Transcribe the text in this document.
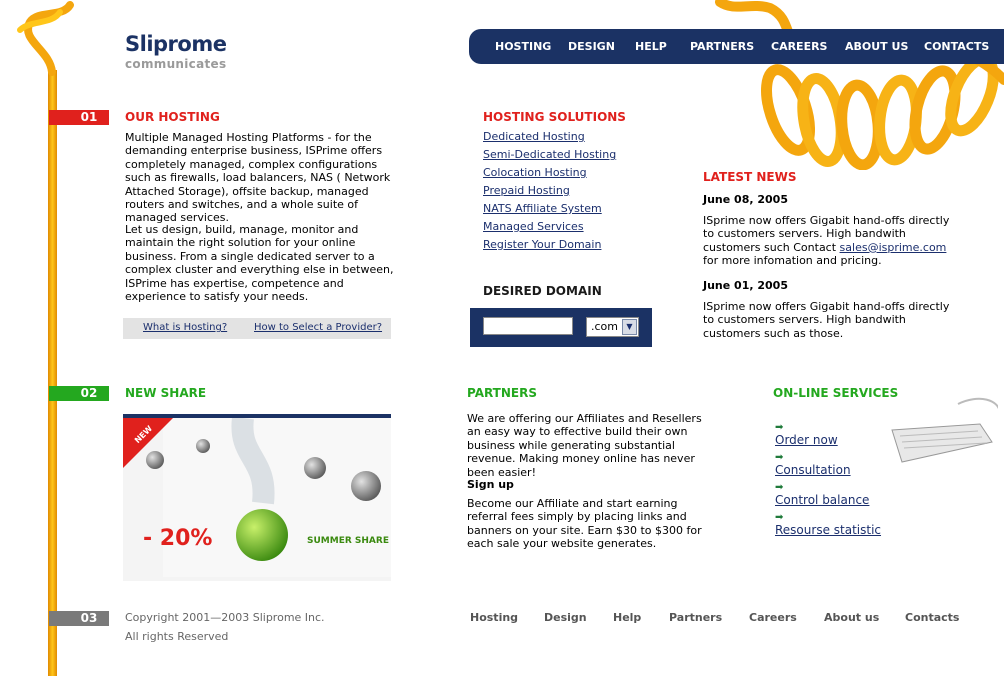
Sliprome
communicates
HOSTING DESIGN HELP PARTNERS CAREERS ABOUT US CONTACTS
01
02
03
OUR HOSTING
Multiple Managed Hosting Platforms - for the demanding enterprise business, ISPrime offers completely managed, complex configurations such as firewalls, load balancers, NAS ( Network Attached Storage), offsite backup, managed routers and switches, and a whole suite of managed services.
Let us design, build, manage, monitor and maintain the right solution for your online business. From a single dedicated server to a complex cluster and everything else in between, ISPrime has expertise, competence and experience to satisfy your needs.
What is Hosting?	How to Select a Provider?
HOSTING SOLUTIONS
Dedicated Hosting
Semi-Dedicated Hosting
Colocation Hosting
Prepaid Hosting
NATS Affiliate System
Managed Services
Register Your Domain
DESIRED DOMAIN
.com	▼
LATEST NEWS
June 08, 2005
ISprime now offers Gigabit hand-offs directly to customers servers. High bandwith customers such Contact sales@isprime.com for more infomation and pricing.
June 01, 2005
ISprime now offers Gigabit hand-offs directly to customers servers. High bandwith customers such as those.
NEW SHARE
NEW
- 20%	SUMMER SHARE
PARTNERS
We are offering our Affiliates and Resellers an easy way to effective build their own business while generating substantial revenue. Making money online has never been easier!
Sign up
Become our Affiliate and start earning referral fees simply by placing links and banners on your site. Earn $30 to $300 for each sale your website generates.
ON-LINE SERVICES
➡
Order now
➡
Consultation
➡
Control balance
➡
Resourse statistic
Copyright 2001—2003 Sliprome Inc.
All rights Reserved
Hosting Design Help	Partners Careers About us Contacts
